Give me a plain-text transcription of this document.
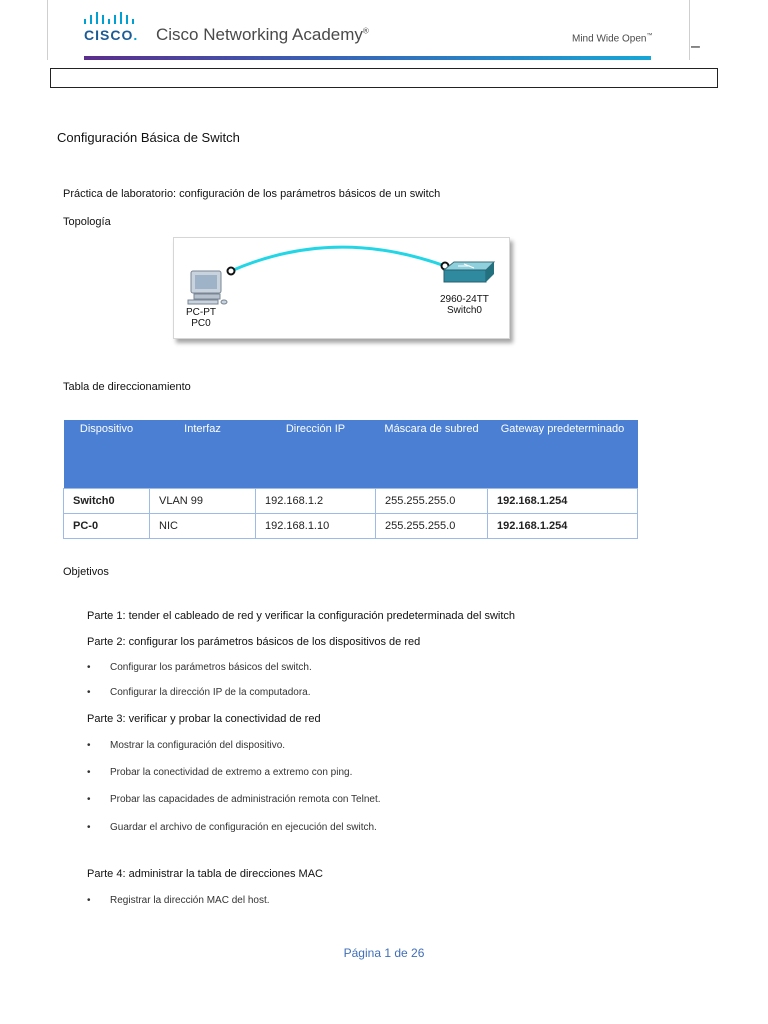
CISCO. Cisco Networking Academy®
Mind Wide Open™
–
Configuración Básica de Switch
Práctica de laboratorio: configuración de los parámetros básicos de un switch
Topología
PC-PT
PC0
2960-24TT
Switch0
Tabla de direccionamiento
Dispositivo	Interfaz	Dirección IP	Máscara de subred	Gateway predeterminado
Switch0	VLAN 99	192.168.1.2	255.255.255.0	192.168.1.254
PC-0	NIC	192.168.1.10	255.255.255.0	192.168.1.254
Objetivos
Parte 1: tender el cableado de red y verificar la configuración predeterminada del switch
Parte 2: configurar los parámetros básicos de los dispositivos de red
• Configurar los parámetros básicos del switch.
• Configurar la dirección IP de la computadora.
Parte 3: verificar y probar la conectividad de red
• Mostrar la configuración del dispositivo.
• Probar la conectividad de extremo a extremo con ping.
• Probar las capacidades de administración remota con Telnet.
• Guardar el archivo de configuración en ejecución del switch.
Parte 4: administrar la tabla de direcciones MAC
• Registrar la dirección MAC del host.
Página 1 de 26
